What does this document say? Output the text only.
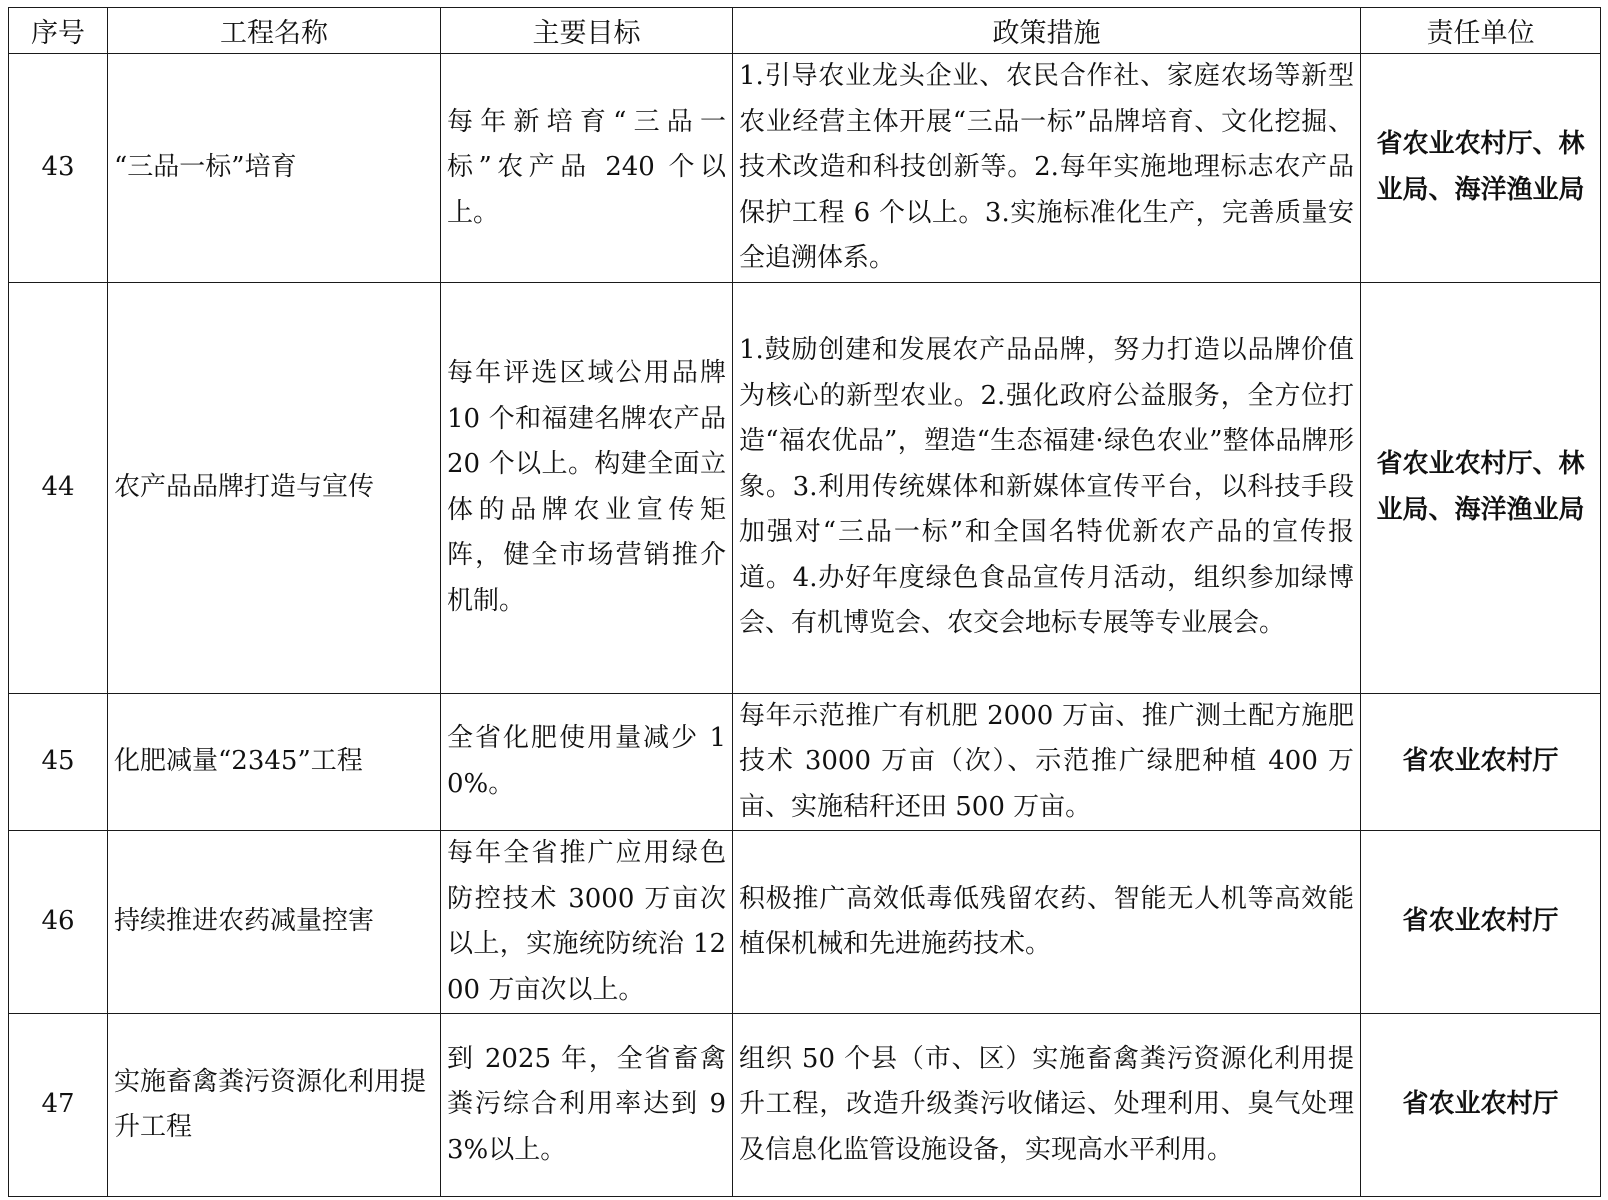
序号	工程名称	主要目标	政策措施	责任单位
43	“三品一标”培育	每年新培育“三品一标”农产品 240 个以上。	1.引导农业龙头企业、农民合作社、家庭农场等新型农业经营主体开展“三品一标”品牌培育、文化挖掘、技术改造和科技创新等。2.每年实施地理标志农产品保护工程 6 个以上。3.实施标准化生产，完善质量安全追溯体系。	省农业农村厅、林业局、海洋渔业局
44	农产品品牌打造与宣传	每年评选区域公用品牌 10 个和福建名牌农产品 20 个以上。构建全面立体的品牌农业宣传矩阵，健全市场营销推介机制。	1.鼓励创建和发展农产品品牌，努力打造以品牌价值为核心的新型农业。2.强化政府公益服务，全方位打造“福农优品”，塑造“生态福建·绿色农业”整体品牌形象。3.利用传统媒体和新媒体宣传平台，以科技手段加强对“三品一标”和全国名特优新农产品的宣传报道。4.办好年度绿色食品宣传月活动，组织参加绿博会、有机博览会、农交会地标专展等专业展会。	省农业农村厅、林业局、海洋渔业局
45	化肥减量“2345”工程	全省化肥使用量减少 10%。	每年示范推广有机肥 2000 万亩、推广测土配方施肥技术 3000 万亩（次）、示范推广绿肥种植 400 万亩、实施秸秆还田 500 万亩。	省农业农村厅
46	持续推进农药减量控害	每年全省推广应用绿色防控技术 3000 万亩次以上，实施统防统治 1200 万亩次以上。	积极推广高效低毒低残留农药、智能无人机等高效能植保机械和先进施药技术。	省农业农村厅
47	实施畜禽粪污资源化利用提升工程	到 2025 年，全省畜禽粪污综合利用率达到 93%以上。	组织 50 个县（市、区）实施畜禽粪污资源化利用提升工程，改造升级粪污收储运、处理利用、臭气处理及信息化监管设施设备，实现高水平利用。	省农业农村厅
